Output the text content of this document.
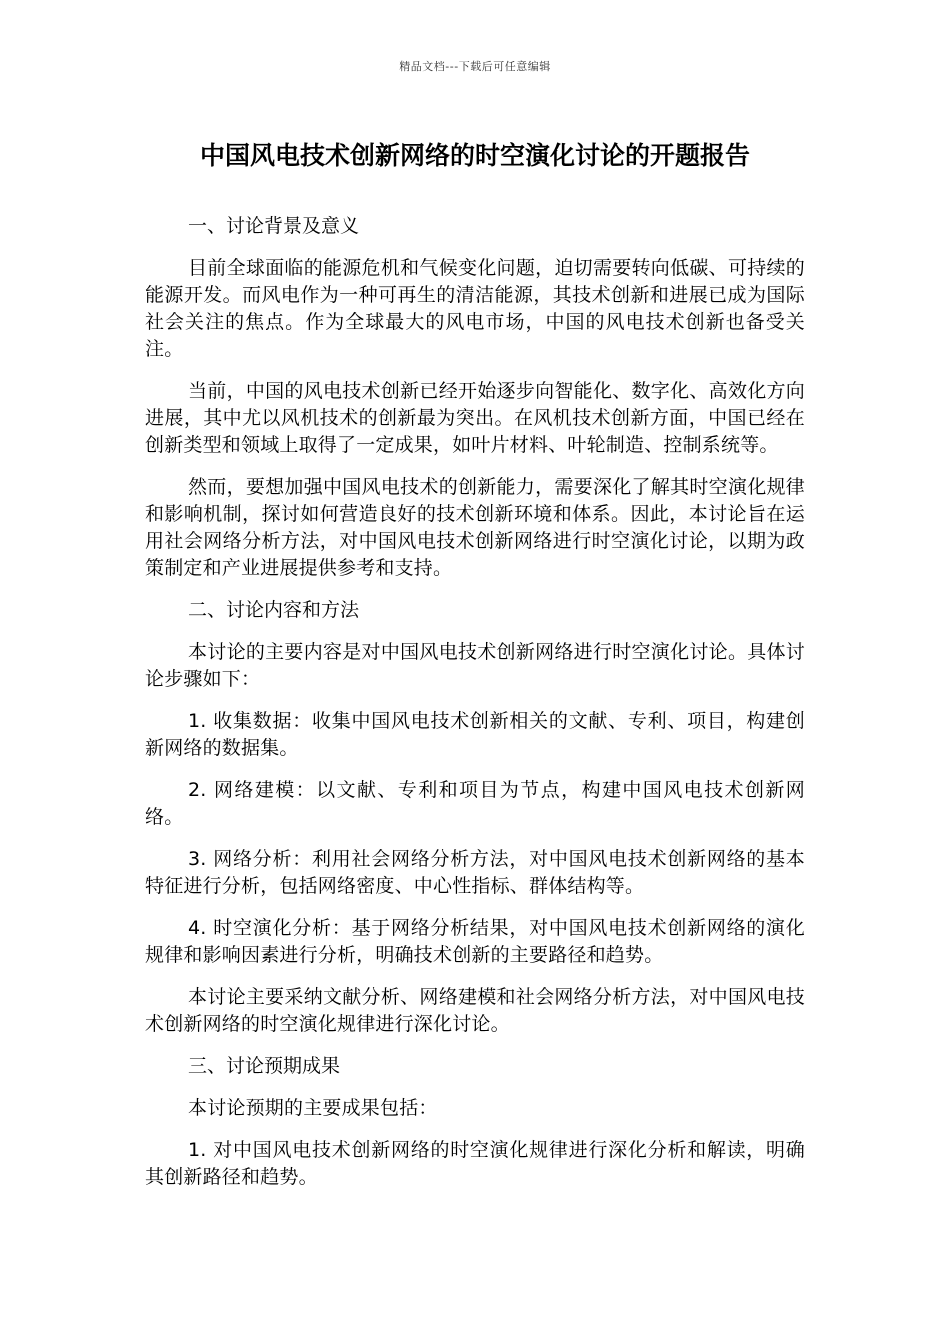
精品文档---下载后可任意编辑
中国风电技术创新网络的时空演化讨论的开题报告

一、讨论背景及意义

目前全球面临的能源危机和气候变化问题，迫切需要转向低碳、可持续的能源开发。而风电作为一种可再生的清洁能源，其技术创新和进展已成为国际社会关注的焦点。作为全球最大的风电市场，中国的风电技术创新也备受关注。

当前，中国的风电技术创新已经开始逐步向智能化、数字化、高效化方向进展，其中尤以风机技术的创新最为突出。在风机技术创新方面，中国已经在创新类型和领域上取得了一定成果，如叶片材料、叶轮制造、控制系统等。

然而，要想加强中国风电技术的创新能力，需要深化了解其时空演化规律和影响机制，探讨如何营造良好的技术创新环境和体系。因此，本讨论旨在运用社会网络分析方法，对中国风电技术创新网络进行时空演化讨论，以期为政策制定和产业进展提供参考和支持。

二、讨论内容和方法

本讨论的主要内容是对中国风电技术创新网络进行时空演化讨论。具体讨论步骤如下：

1. 收集数据：收集中国风电技术创新相关的文献、专利、项目，构建创新网络的数据集。

2. 网络建模：以文献、专利和项目为节点，构建中国风电技术创新网络。

3. 网络分析：利用社会网络分析方法，对中国风电技术创新网络的基本特征进行分析，包括网络密度、中心性指标、群体结构等。

4. 时空演化分析：基于网络分析结果，对中国风电技术创新网络的演化规律和影响因素进行分析，明确技术创新的主要路径和趋势。

本讨论主要采纳文献分析、网络建模和社会网络分析方法，对中国风电技术创新网络的时空演化规律进行深化讨论。

三、讨论预期成果

本讨论预期的主要成果包括：

1. 对中国风电技术创新网络的时空演化规律进行深化分析和解读，明确其创新路径和趋势。
